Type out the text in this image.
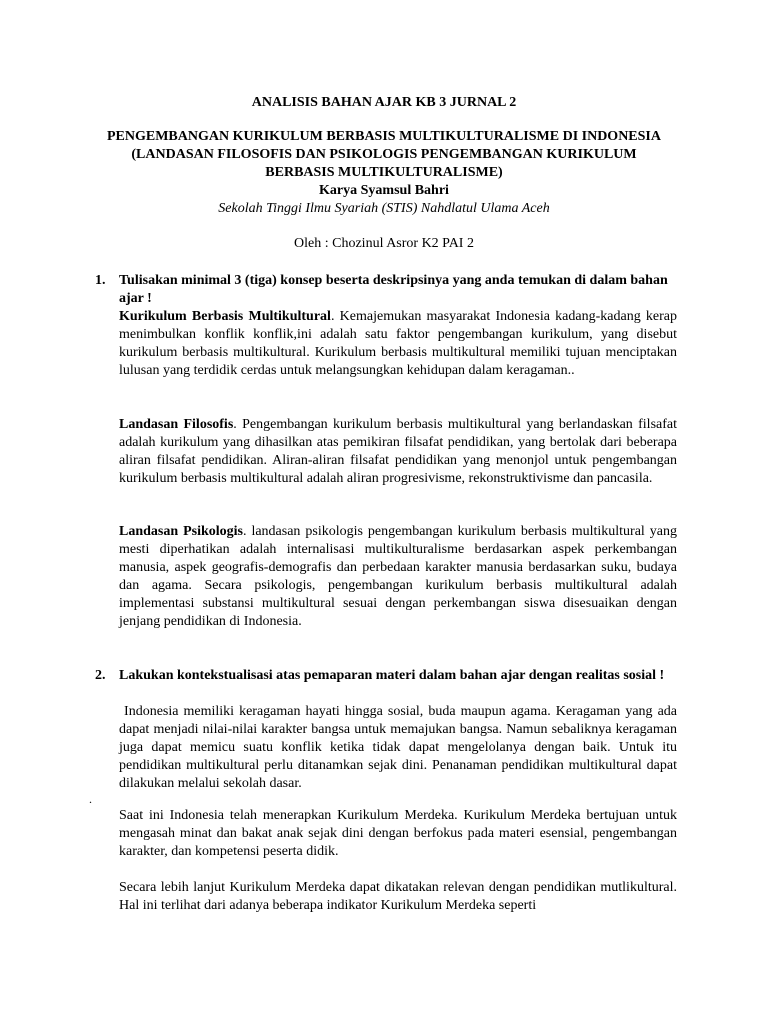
ANALISIS BAHAN AJAR KB 3 JURNAL 2
PENGEMBANGAN KURIKULUM BERBASIS MULTIKULTURALISME DI INDONESIA (LANDASAN FILOSOFIS DAN PSIKOLOGIS PENGEMBANGAN KURIKULUM BERBASIS MULTIKULTURALISME)
Karya Syamsul Bahri
Sekolah Tinggi Ilmu Syariah (STIS) Nahdlatul Ulama Aceh
Oleh : Chozinul Asror K2 PAI 2
1. Tulisakan minimal 3 (tiga) konsep beserta deskripsinya yang anda temukan di dalam bahan ajar !
Kurikulum Berbasis Multikultural. Kemajemukan masyarakat Indonesia kadang-kadang kerap menimbulkan konflik konflik,ini adalah satu faktor pengembangan kurikulum, yang disebut kurikulum berbasis multikultural. Kurikulum berbasis multikultural memiliki tujuan menciptakan lulusan yang terdidik cerdas untuk melangsungkan kehidupan dalam keragaman..
Landasan Filosofis. Pengembangan kurikulum berbasis multikultural yang berlandaskan filsafat adalah kurikulum yang dihasilkan atas pemikiran filsafat pendidikan, yang bertolak dari beberapa aliran filsafat pendidikan. Aliran-aliran filsafat pendidikan yang menonjol untuk pengembangan kurikulum berbasis multikultural adalah aliran progresivisme, rekonstruktivisme dan pancasila.
Landasan Psikologis. landasan psikologis pengembangan kurikulum berbasis multikultural yang mesti diperhatikan adalah internalisasi multikulturalisme berdasarkan aspek perkembangan manusia, aspek geografis-demografis dan perbedaan karakter manusia berdasarkan suku, budaya dan agama. Secara psikologis, pengembangan kurikulum berbasis multikultural adalah implementasi substansi multikultural sesuai dengan perkembangan siswa disesuaikan dengan jenjang pendidikan di Indonesia.
2. Lakukan kontekstualisasi atas pemaparan materi dalam bahan ajar dengan realitas sosial !
Indonesia memiliki keragaman hayati hingga sosial, buda maupun agama. Keragaman yang ada dapat menjadi nilai-nilai karakter bangsa untuk memajukan bangsa. Namun sebaliknya keragaman juga dapat memicu suatu konflik ketika tidak dapat mengelolanya dengan baik. Untuk itu pendidikan multikultural perlu ditanamkan sejak dini. Penanaman pendidikan multikultural dapat dilakukan melalui sekolah dasar.
.
Saat ini Indonesia telah menerapkan Kurikulum Merdeka. Kurikulum Merdeka bertujuan untuk mengasah minat dan bakat anak sejak dini dengan berfokus pada materi esensial, pengembangan karakter, dan kompetensi peserta didik.
Secara lebih lanjut Kurikulum Merdeka dapat dikatakan relevan dengan pendidikan mutlikultural. Hal ini terlihat dari adanya beberapa indikator Kurikulum Merdeka seperti
